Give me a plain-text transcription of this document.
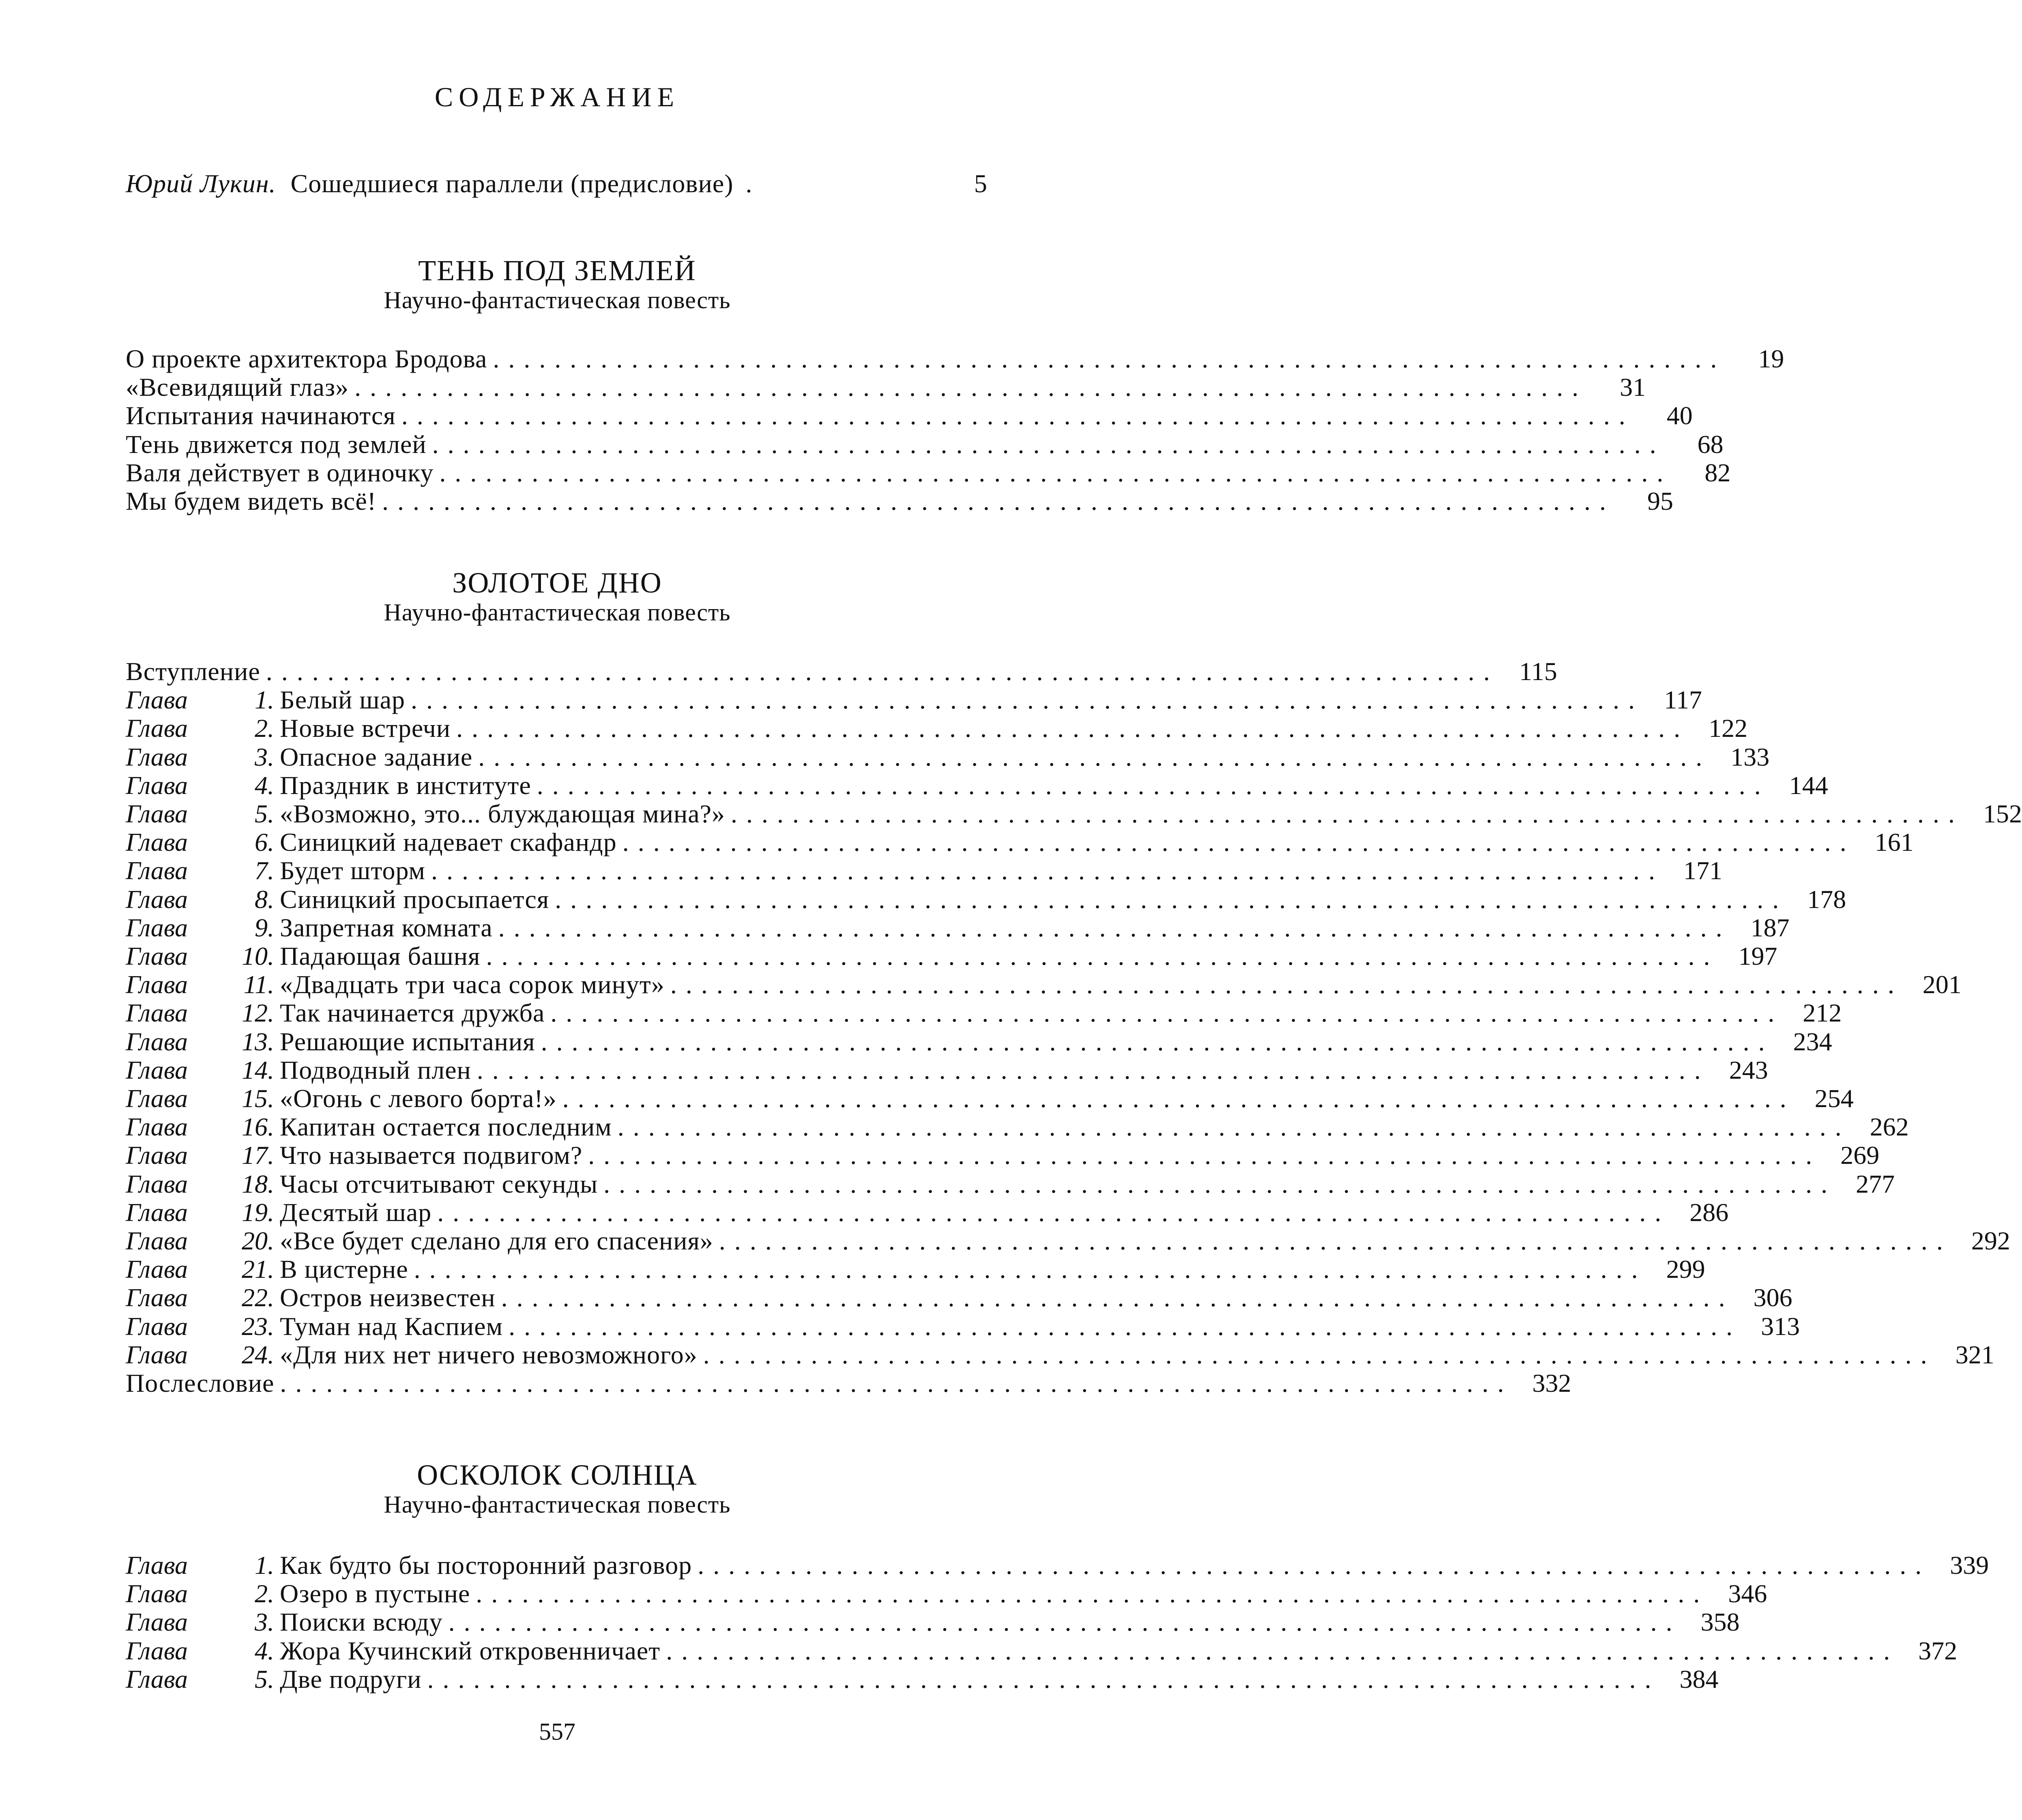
СОДЕРЖАНИЕ
Юрий Лукин. Сошедшиеся параллели (предисловие) .	5
ТЕНЬ ПОД ЗЕМЛЕЙ
Научно-фантастическая повесть
О проекте архитектора Бродова ................................................................................	19
«Всевидящий глаз» ................................................................................	31
Испытания начинаются ................................................................................	40
Тень движется под землей ................................................................................	68
Валя действует в одиночку ................................................................................	82
Мы будем видеть всё! ................................................................................	95
ЗОЛОТОЕ ДНО
Научно-фантастическая повесть
Вступление ................................................................................ 115
Глава	1. Белый шар ................................................................................ 117
Глава	2. Новые встречи ................................................................................ 122
Глава	3. Опасное задание ................................................................................ 133
Глава	4. Праздник в институте ................................................................................ 144
Глава	5. «Возможно, это... блуждающая мина?» ................................................................................ 152
Глава	6. Синицкий надевает скафандр ................................................................................ 161
Глава	7. Будет шторм ................................................................................ 171
Глава	8. Синицкий просыпается ................................................................................ 178
Глава	9. Запретная комната ................................................................................ 187
Глава 10. Падающая башня ................................................................................ 197
Глава 11. «Двадцать три часа сорок минут» ................................................................................ 201
Глава 12. Так начинается дружба ................................................................................ 212
Глава 13. Решающие испытания ................................................................................ 234
Глава 14. Подводный плен ................................................................................ 243
Глава 15. «Огонь с левого борта!» ................................................................................ 254
Глава 16. Капитан остается последним ................................................................................ 262
Глава 17. Что называется подвигом? ................................................................................ 269
Глава 18. Часы отсчитывают секунды ................................................................................ 277
Глава 19. Десятый шар ................................................................................ 286
Глава 20. «Все будет сделано для его спасения» ................................................................................ 292
Глава 21. В цистерне ................................................................................ 299
Глава 22. Остров неизвестен ................................................................................ 306
Глава 23. Туман над Каспием ................................................................................ 313
Глава 24. «Для них нет ничего невозможного» ................................................................................ 321
Послесловие ................................................................................ 332
ОСКОЛОК СОЛНЦА
Научно-фантастическая повесть
Глава	1. Как будто бы посторонний разговор ................................................................................ 339
Глава	2. Озеро в пустыне ................................................................................ 346
Глава	3. Поиски всюду ................................................................................ 358
Глава	4. Жора Кучинский откровенничает ................................................................................ 372
Глава	5. Две подруги ................................................................................ 384
557
